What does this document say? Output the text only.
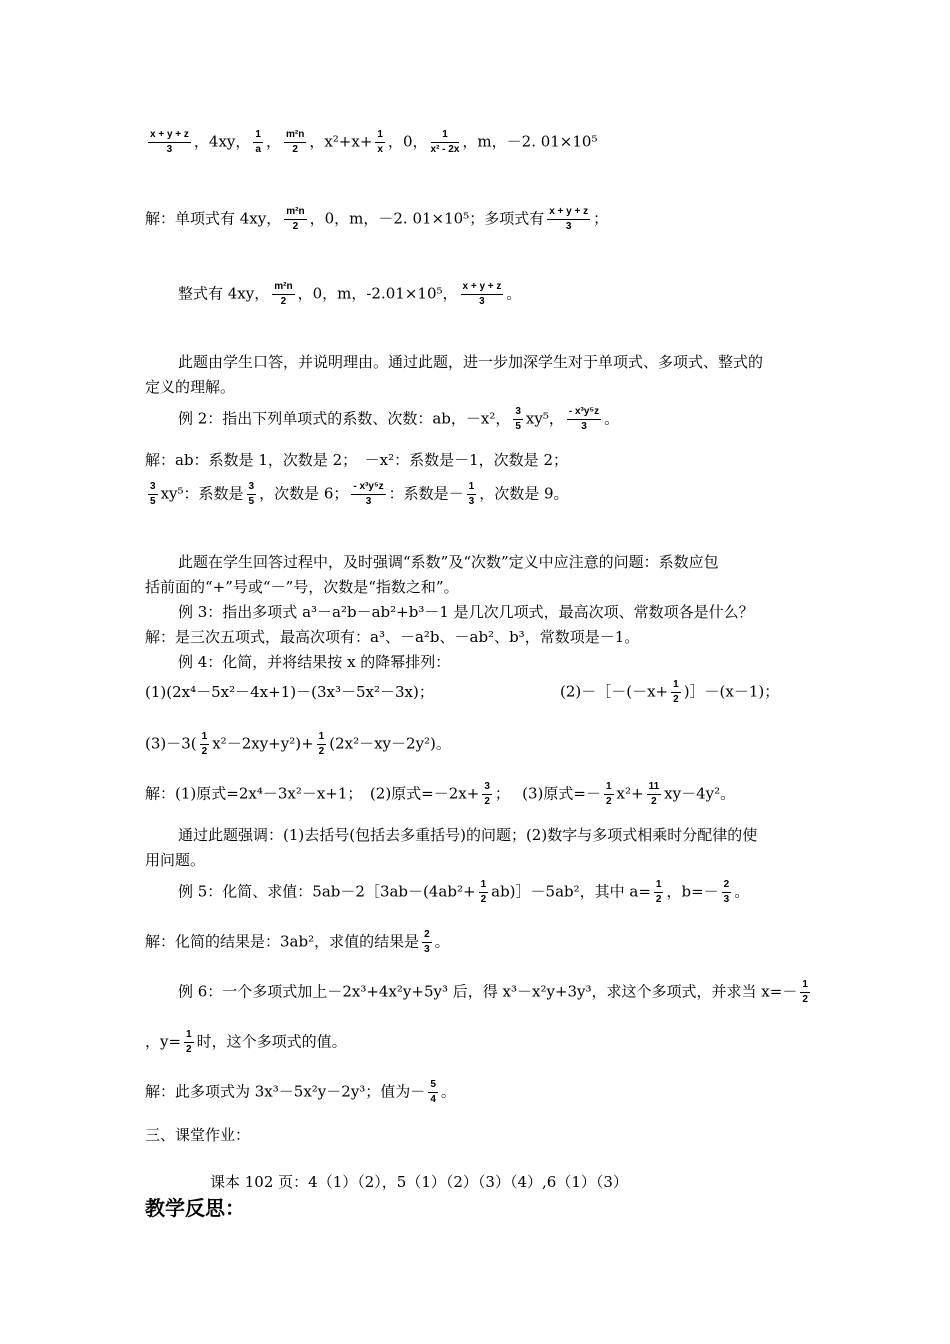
$\frac{x + y + z}{3}$ ，4xy， $\frac{1}{a}$ ， $\frac{\text{m²n}}{2}$ ，$x^2+x+ \frac{1}{x}$ ，0， $\frac{1}{\text{x² - 2x}}$ ，m，－2. 01×10⁵
解：单项式有 4xy， $\frac{\text{m²n}}{2}$ ，0，m，－2. 01×10⁵；多项式有 $\frac{x + y + z}{3}$ ；
整式有 4xy， $\frac{\text{m²n}}{2}$ ，0，m，-2.01×10⁵， $\frac{x + y + z}{3}$ 。
此题由学生口答，并说明理由。通过此题，进一步加深学生对于单项式、多项式、整式的
定义的理解。
例 2：指出下列单项式的系数、次数：ab，－x²， $\frac{3}{5} xy^5$， $\frac{\text{- x³y⁵z}}{3}$ 。
解：ab：系数是 1，次数是 2；　－x²：系数是－1，次数是 2；
$\frac{3}{5} xy^5$：系数是 $\frac{3}{5}$ ，次数是 6； $\frac{\text{- x³y⁵z}}{3}$ ：系数是－ $\frac{1}{3}$ ，次数是 9。
此题在学生回答过程中，及时强调“系数”及“次数”定义中应注意的问题：系数应包
括前面的“+”号或“－”号，次数是“指数之和”。
例 3：指出多项式 a³－a²b－ab²+b³－1 是几次几项式，最高次项、常数项各是什么？
解：是三次五项式，最高次项有：a³、－a²b、－ab²、b³，常数项是－1。
例 4：化简，并将结果按 x 的降幂排列：
(1)(2x⁴－5x²－4x+1)－(3x³－5x²－3x)；	(2)－［－(－x+ $\frac{1}{2}$ )］－(x－1)；
$(3)-3( \frac{1}{2} x^2-2xy+y^2)+ \frac{1}{2} (2x^2-xy-2y^2)$。
解：(1)原式=2x⁴－3x²－x+1；　(2)原式$=-2x+ \frac{3}{2}$ ；　 (3)原式=－ $\frac{1}{2} x^2+ \frac{11}{2} xy-4y^2$。
通过此题强调：(1)去括号(包括去多重括号)的问题；(2)数字与多项式相乘时分配律的使
用问题。
例 5：化简、求值：5ab－2［3ab－(4ab²+ $\frac{1}{2}$ ab)］－5ab²，其中 $a= \frac{1}{2}$ ，$b=- \frac{2}{3}$ 。
解：化简的结果是：3ab²，求值的结果是 $\frac{2}{3}$ 。
例 6：一个多项式加上－2x³+4x²y+5y³ 后，得 x³－x²y+3y³，求这个多项式，并求当 $x=- \frac{1}{2}$
，$y= \frac{1}{2}$ 时，这个多项式的值。
解：此多项式为 3x³－5x²y－2y³；值为－ $\frac{5}{4}$ 。
三、课堂作业：
课本 102 页：4（1）（2），5（1）（2）（3）（4）,6（1）（3）
教学反思：
